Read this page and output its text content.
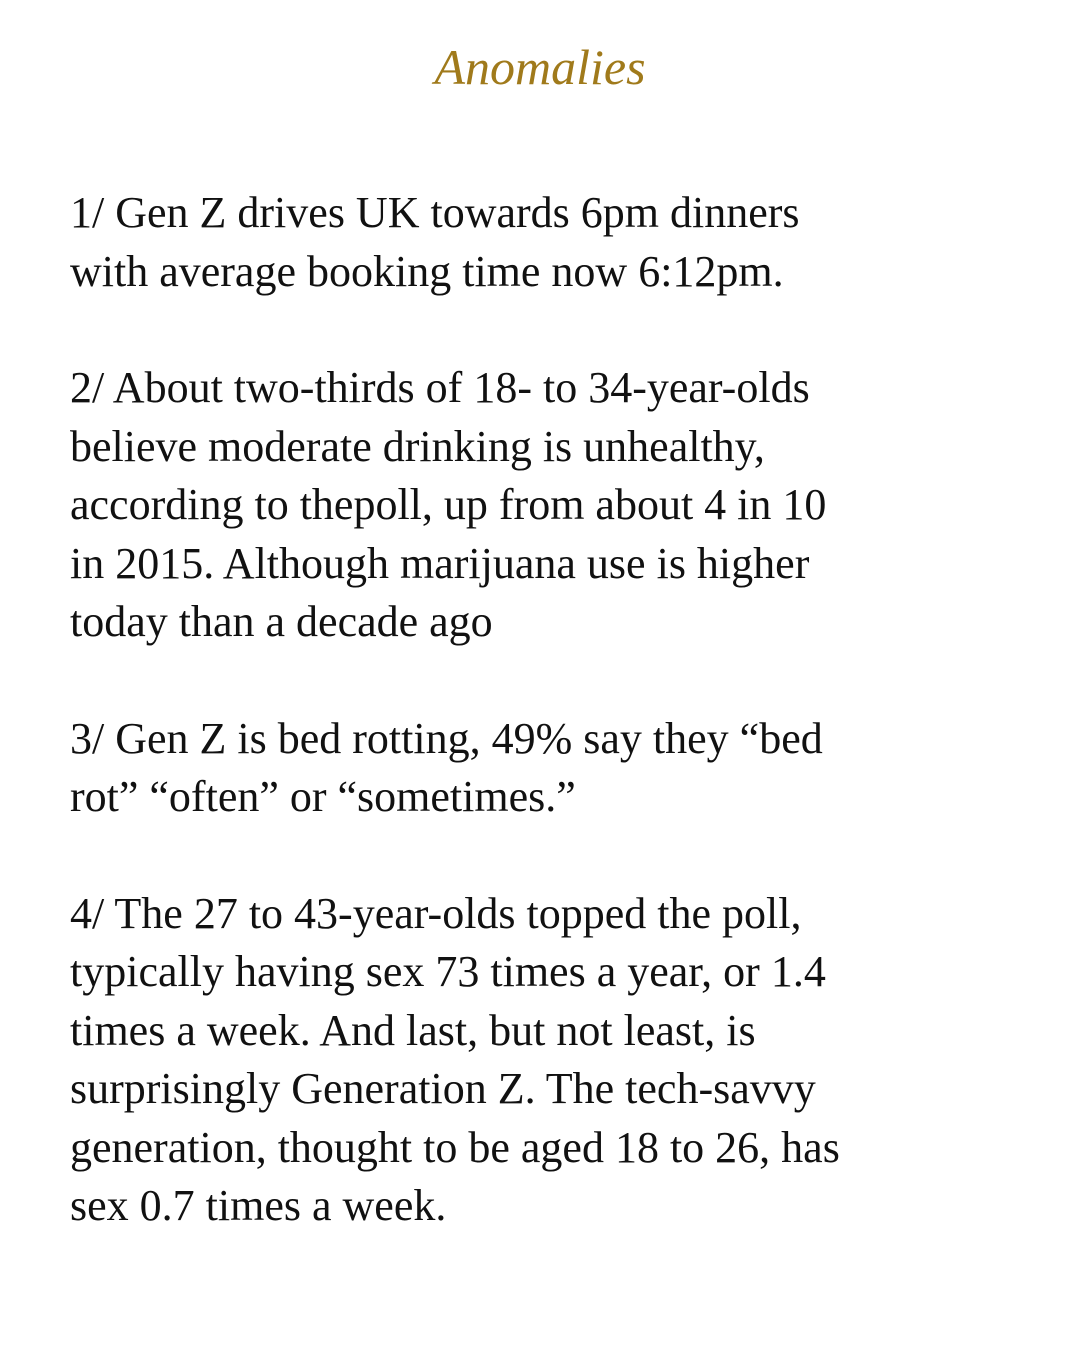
Anomalies

1/ Gen Z drives UK towards 6pm dinners
with average booking time now 6:12pm.

2/ About two-thirds of 18- to 34-year-olds
believe moderate drinking is unhealthy,
according to thepoll, up from about 4 in 10
in 2015. Although marijuana use is higher
today than a decade ago

3/ Gen Z is bed rotting, 49% say they “bed
rot” “often” or “sometimes.”

4/ The 27 to 43-year-olds topped the poll,
typically having sex 73 times a year, or 1.4
times a week. And last, but not least, is
surprisingly Generation Z. The tech-savvy
generation, thought to be aged 18 to 26, has
sex 0.7 times a week.
